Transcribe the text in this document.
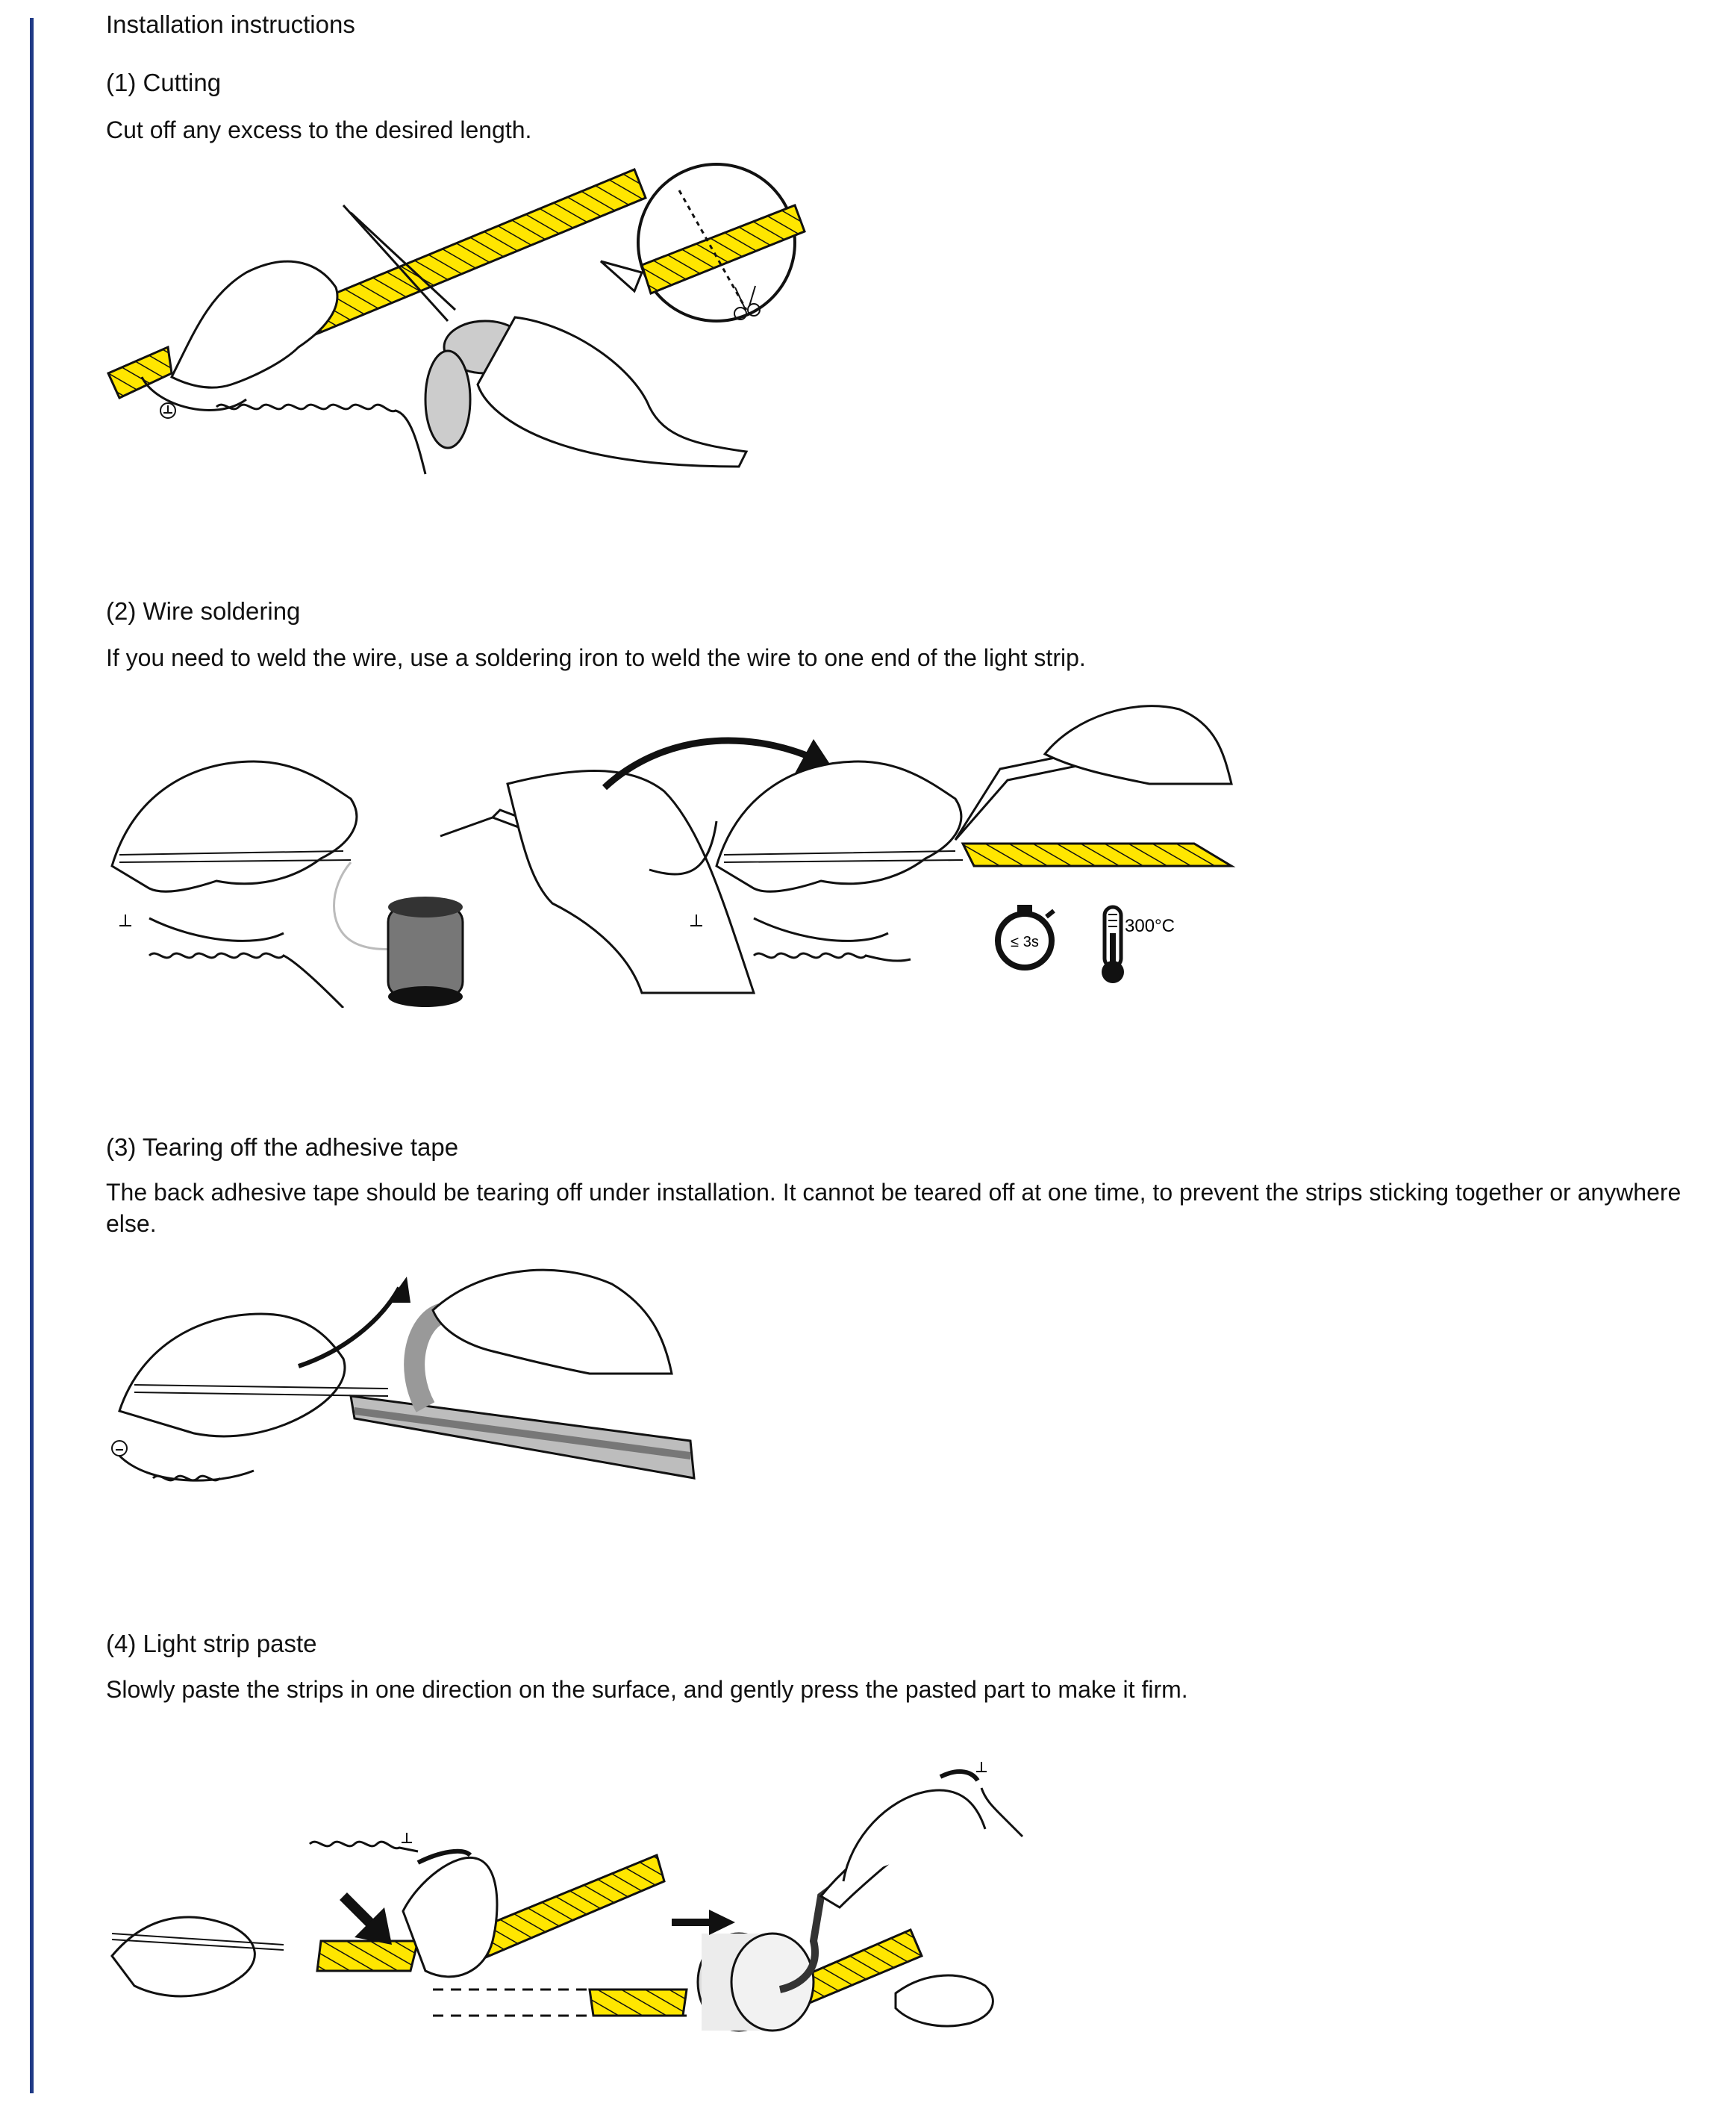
Installation instructions
(1) Cutting

Cut off any excess to the desired length.

(2) Wire soldering

If you need to weld the wire, use a soldering iron to weld the wire to one end of the light strip.

≤ 3s
300°C
(3) Tearing off the adhesive tape

The back adhesive tape should be tearing off under installation. It cannot be teared off at one time, to prevent the strips sticking together or anywhere else.

(4) Light strip paste

Slowly paste the strips in one direction on the surface, and gently press the pasted part to make it firm.
